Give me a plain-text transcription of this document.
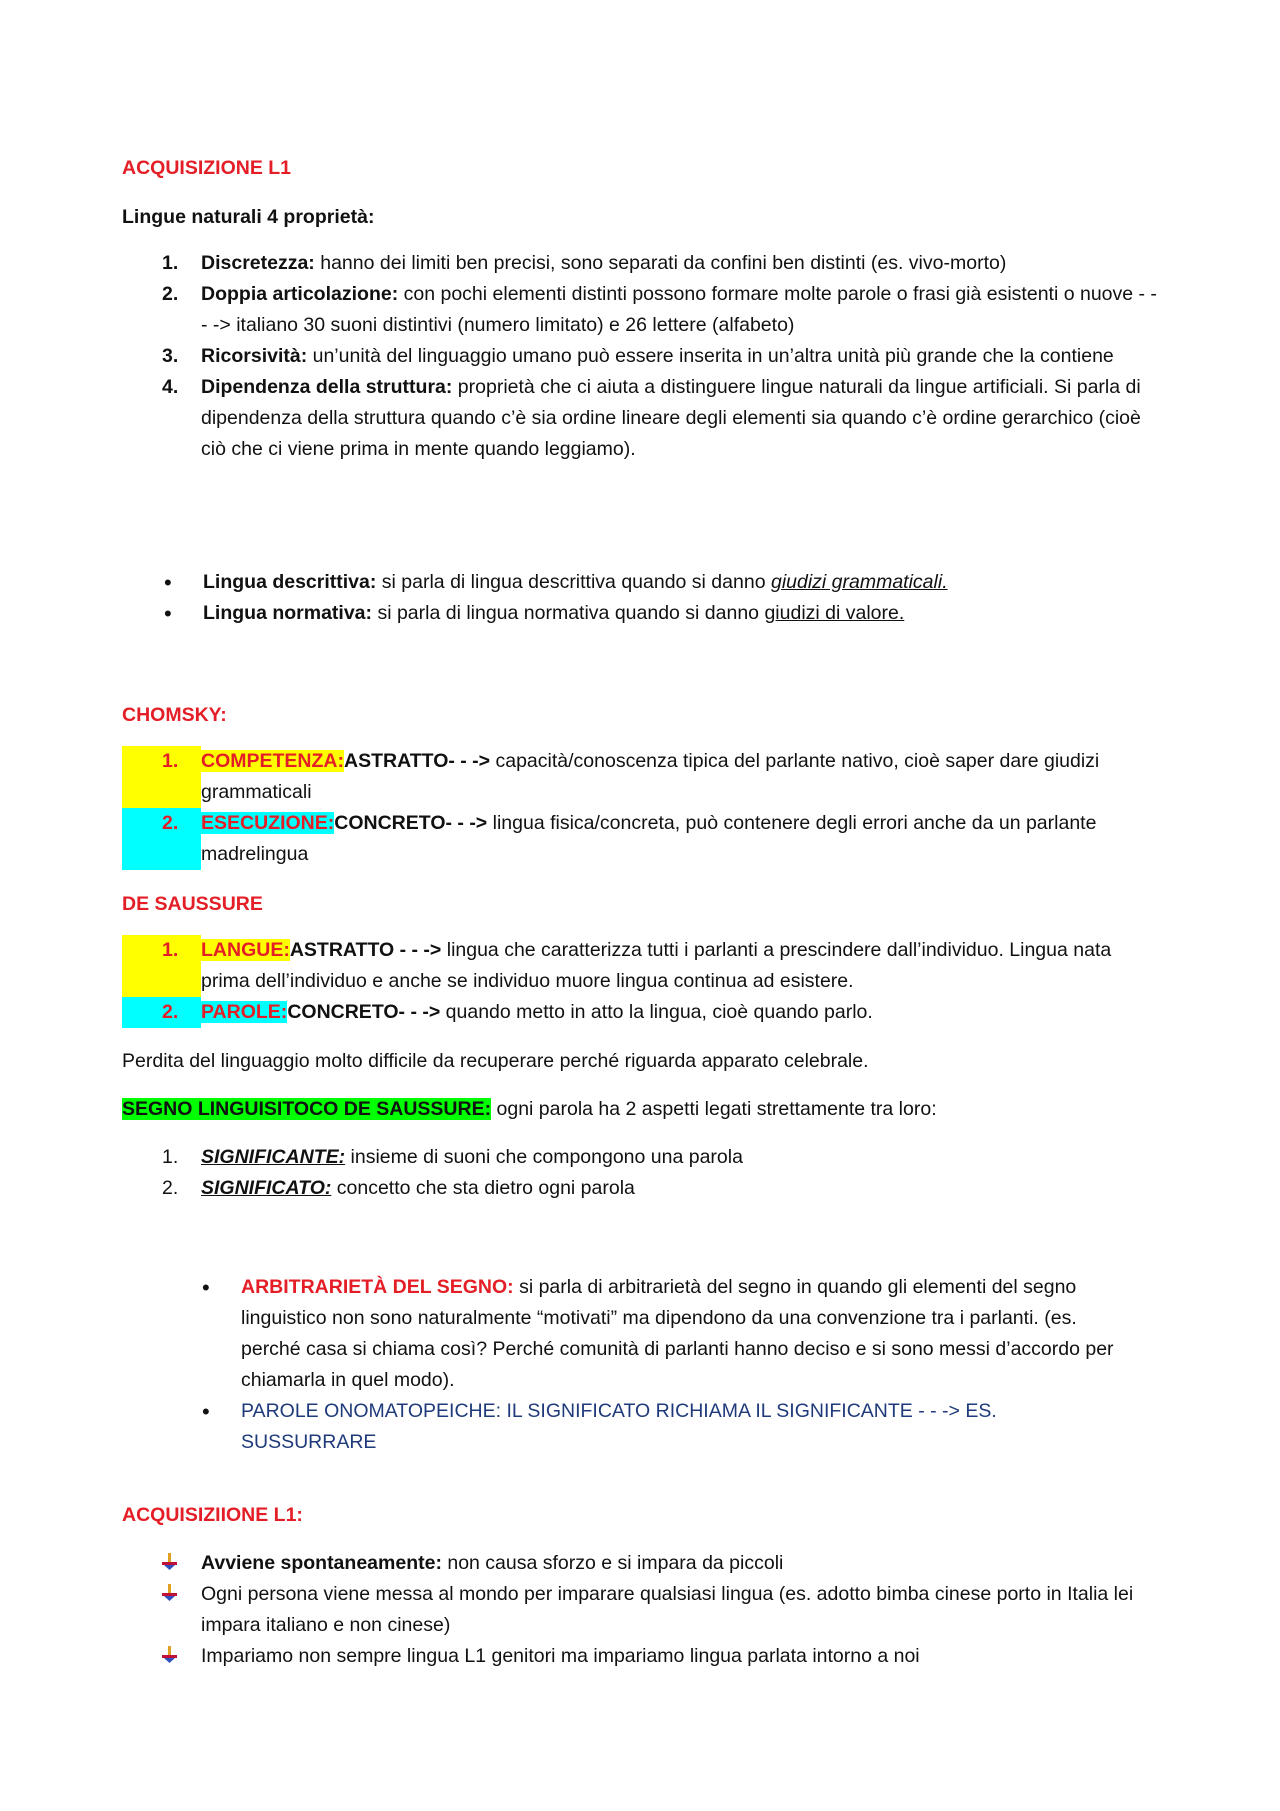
ACQUISIZIONE L1

Lingue naturali 4 proprietà:

1.	Discretezza: hanno dei limiti ben precisi, sono separati da confini ben distinti (es. vivo-morto)
2.	Doppia articolazione: con pochi elementi distinti possono formare molte parole o frasi già esistenti o nuove - - - -> italiano 30 suoni distintivi (numero limitato) e 26 lettere (alfabeto)
3.	Ricorsività: un’unità del linguaggio umano può essere inserita in un’altra unità più grande che la contiene
4.	Dipendenza della struttura: proprietà che ci aiuta a distinguere lingue naturali da lingue artificiali. Si parla di dipendenza della struttura quando c’è sia ordine lineare degli elementi sia quando c’è ordine gerarchico (cioè ciò che ci viene prima in mente quando leggiamo).
•	Lingua descrittiva: si parla di lingua descrittiva quando si danno giudizi grammaticali.
•	Lingua normativa: si parla di lingua normativa quando si danno giudizi di valore.

CHOMSKY:

1.	COMPETENZA:ASTRATTO- - -> capacità/conoscenza tipica del parlante nativo, cioè saper dare giudizi grammaticali
2.	ESECUZIONE:CONCRETO- - -> lingua fisica/concreta, può contenere degli errori anche da un parlante madrelingua

DE SAUSSURE

1.	LANGUE:ASTRATTO - - -> lingua che caratterizza tutti i parlanti a prescindere dall’individuo. Lingua nata prima dell’individuo e anche se individuo muore lingua continua ad esistere.
2.	PAROLE:CONCRETO- - -> quando metto in atto la lingua, cioè quando parlo.

Perdita del linguaggio molto difficile da recuperare perché riguarda apparato celebrale.

SEGNO LINGUISITOCO DE SAUSSURE: ogni parola ha 2 aspetti legati strettamente tra loro:

1.	SIGNIFICANTE: insieme di suoni che compongono una parola
2.	SIGNIFICATO: concetto che sta dietro ogni parola
•	ARBITRARIETÀ DEL SEGNO: si parla di arbitrarietà del segno in quando gli elementi del segno linguistico non sono naturalmente “motivati” ma dipendono da una convenzione tra i parlanti. (es. perché casa si chiama così? Perché comunità di parlanti hanno deciso e si sono messi d’accordo per chiamarla in quel modo).
•	PAROLE ONOMATOPEICHE: IL SIGNIFICATO RICHIAMA IL SIGNIFICANTE - - -> ES. SUSSURRARE

ACQUISIZIIONE L1:

Avviene spontaneamente: non causa sforzo e si impara da piccoli
Ogni persona viene messa al mondo per imparare qualsiasi lingua (es. adotto bimba cinese porto in Italia lei impara italiano e non cinese)
Impariamo non sempre lingua L1 genitori ma impariamo lingua parlata intorno a noi
